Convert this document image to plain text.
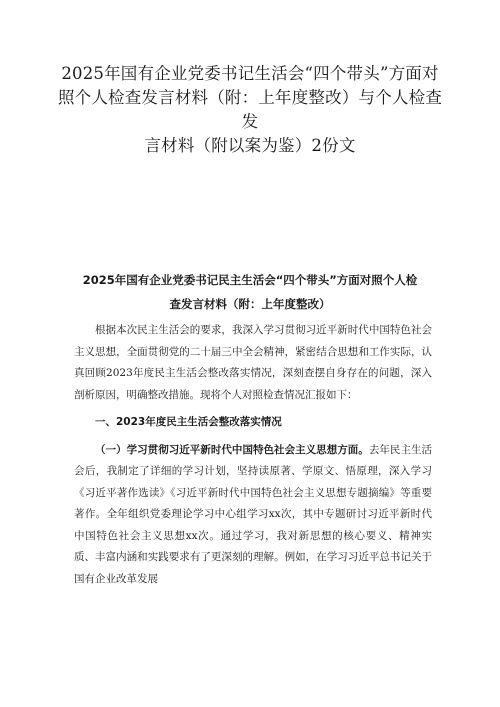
2025年国有企业党委书记生活会“四个带头”方面对
照个人检查发言材料（附：上年度整改）与个人检查
发
言材料（附以案为鉴）2份文
2025年国有企业党委书记民主生活会“四个带头”方面对照个人检
查发言材料（附：上年度整改）

根据本次民主生活会的要求，我深入学习贯彻习近平新时代中国特色社会主义思想，全面贯彻党的二十届三中全会精神，紧密结合思想和工作实际，认真回顾2023年度民主生活会整改落实情况，深刻查摆自身存在的问题，深入剖析原因，明确整改措施。现将个人对照检查情况汇报如下：

一、2023年度民主生活会整改落实情况

（一）学习贯彻习近平新时代中国特色社会主义思想方面。去年民主生活会后，我制定了详细的学习计划，坚持读原著、学原文、悟原理，深入学习《习近平著作选读》《习近平新时代中国特色社会主义思想专题摘编》等重要著作。全年组织党委理论学习中心组学习xx次，其中专题研讨习近平新时代中国特色社会主义思想xx次。通过学习，我对新思想的核心要义、精神实质、丰富内涵和实践要求有了更深刻的理解。例如，在学习习近平总书记关于国有企业改革发展
